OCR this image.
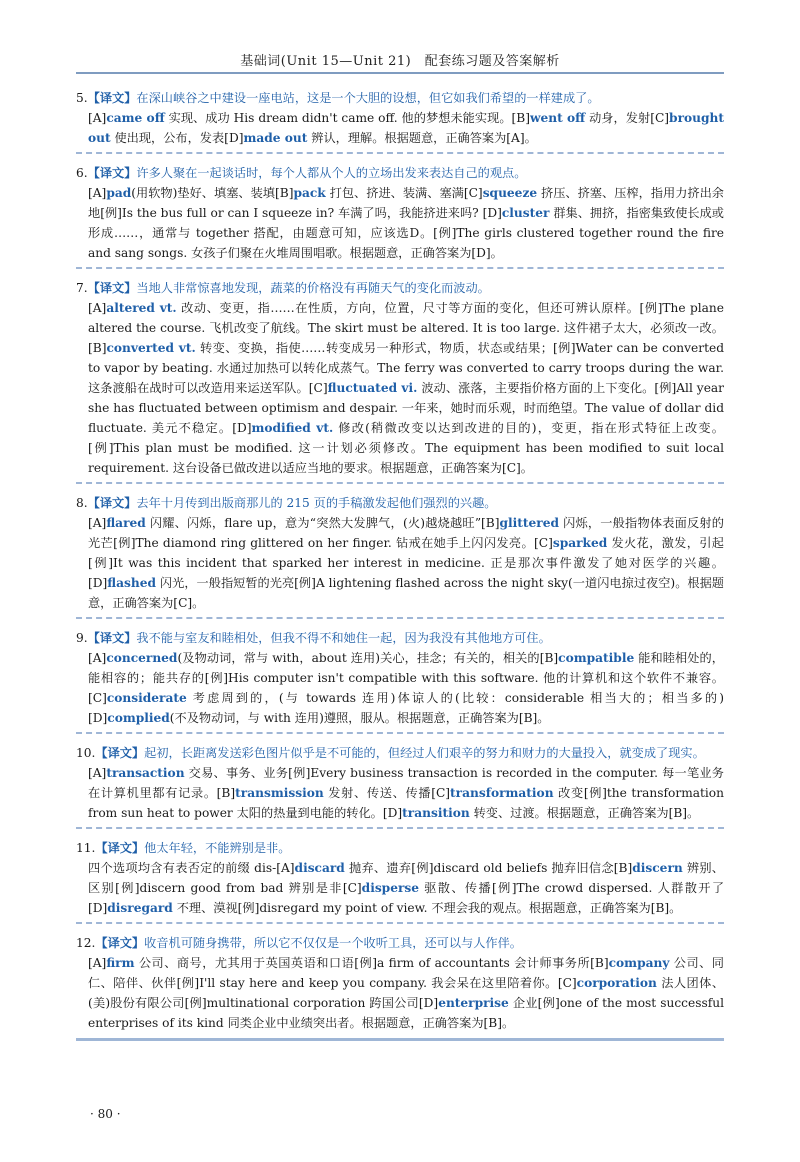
基础词(Unit 15—Unit 21)　配套练习题及答案解析
5.【译文】在深山峡谷之中建设一座电站，这是一个大胆的设想，但它如我们希望的一样建成了。
[A]came off 实现、成功 His dream didn't came off. 他的梦想未能实现。[B]went off 动身，发射[C]brought out 使出现，公布，发表[D]made out 辨认，理解。根据题意，正确答案为[A]。
6.【译文】许多人聚在一起谈话时，每个人都从个人的立场出发来表达自己的观点。
[A]pad(用软物)垫好、填塞、装填[B]pack 打包、挤进、装满、塞满[C]squeeze 挤压、挤塞、压榨，指用力挤出余地[例]Is the bus full or can I squeeze in? 车满了吗，我能挤进来吗? [D]cluster 群集、拥挤，指密集致使长成或形成……，通常与 together 搭配，由题意可知，应该选D。[例]The girls clustered together round the fire and sang songs. 女孩子们聚在火堆周围唱歌。根据题意，正确答案为[D]。
7.【译文】当地人非常惊喜地发现，蔬菜的价格没有再随天气的变化而波动。
[A]altered vt. 改动、变更，指……在性质，方向，位置，尺寸等方面的变化，但还可辨认原样。[例]The plane altered the course. 飞机改变了航线。The skirt must be altered. It is too large. 这件裙子太大，必须改一改。[B]converted vt. 转变、变换，指使……转变成另一种形式，物质，状态或结果；[例]Water can be converted to vapor by beating. 水通过加热可以转化成蒸气。The ferry was converted to carry troops during the war. 这条渡船在战时可以改造用来运送军队。[C]fluctuated vi. 波动、涨落，主要指价格方面的上下变化。[例]All year she has fluctuated between optimism and despair. 一年来，她时而乐观，时而绝望。The value of dollar did fluctuate. 美元不稳定。[D]modified vt. 修改(稍微改变以达到改进的目的)，变更，指在形式特征上改变。[例]This plan must be modified. 这一计划必须修改。The equipment has been modified to suit local requirement. 这台设备已做改进以适应当地的要求。根据题意，正确答案为[C]。
8.【译文】去年十月传到出版商那儿的 215 页的手稿激发起他们强烈的兴趣。
[A]flared 闪耀、闪烁，flare up，意为“突然大发脾气，(火)越烧越旺”[B]glittered 闪烁，一般指物体表面反射的光芒[例]The diamond ring glittered on her finger. 钻戒在她手上闪闪发亮。[C]sparked 发火花，激发，引起[例]It was this incident that sparked her interest in medicine. 正是那次事件激发了她对医学的兴趣。[D]flashed 闪光，一般指短暂的光亮[例]A lightening flashed across the night sky(一道闪电掠过夜空)。根据题意，正确答案为[C]。
9.【译文】我不能与室友和睦相处，但我不得不和她住一起，因为我没有其他地方可住。
[A]concerned(及物动词，常与 with，about 连用)关心，挂念；有关的，相关的[B]compatible 能和睦相处的，能相容的；能共存的[例]His computer isn't compatible with this software. 他的计算机和这个软件不兼容。[C]considerate 考虑周到的，(与 towards 连用)体谅人的(比较：considerable 相当大的；相当多的)[D]complied(不及物动词，与 with 连用)遵照，服从。根据题意，正确答案为[B]。
10.【译文】起初，长距离发送彩色图片似乎是不可能的，但经过人们艰辛的努力和财力的大量投入，就变成了现实。
[A]transaction 交易、事务、业务[例]Every business transaction is recorded in the computer. 每一笔业务在计算机里都有记录。[B]transmission 发射、传送、传播[C]transformation 改变[例]the transformation from sun heat to power 太阳的热量到电能的转化。[D]transition 转变、过渡。根据题意，正确答案为[B]。
11.【译文】他太年轻，不能辨别是非。
四个选项均含有表否定的前缀 dis-[A]discard 抛弃、遗弃[例]discard old beliefs 抛弃旧信念[B]discern 辨别、区别[例]discern good from bad 辨别是非[C]disperse 驱散、传播[例]The crowd dispersed. 人群散开了[D]disregard 不理、漠视[例]disregard my point of view. 不理会我的观点。根据题意，正确答案为[B]。
12.【译文】收音机可随身携带，所以它不仅仅是一个收听工具，还可以与人作伴。
[A]firm 公司、商号，尤其用于英国英语和口语[例]a firm of accountants 会计师事务所[B]company 公司、同仁、陪伴、伙伴[例]I'll stay here and keep you company. 我会呆在这里陪着你。[C]corporation 法人团体、(美)股份有限公司[例]multinational corporation 跨国公司[D]enterprise 企业[例]one of the most successful enterprises of its kind 同类企业中业绩突出者。根据题意，正确答案为[B]。
· 80 ·
